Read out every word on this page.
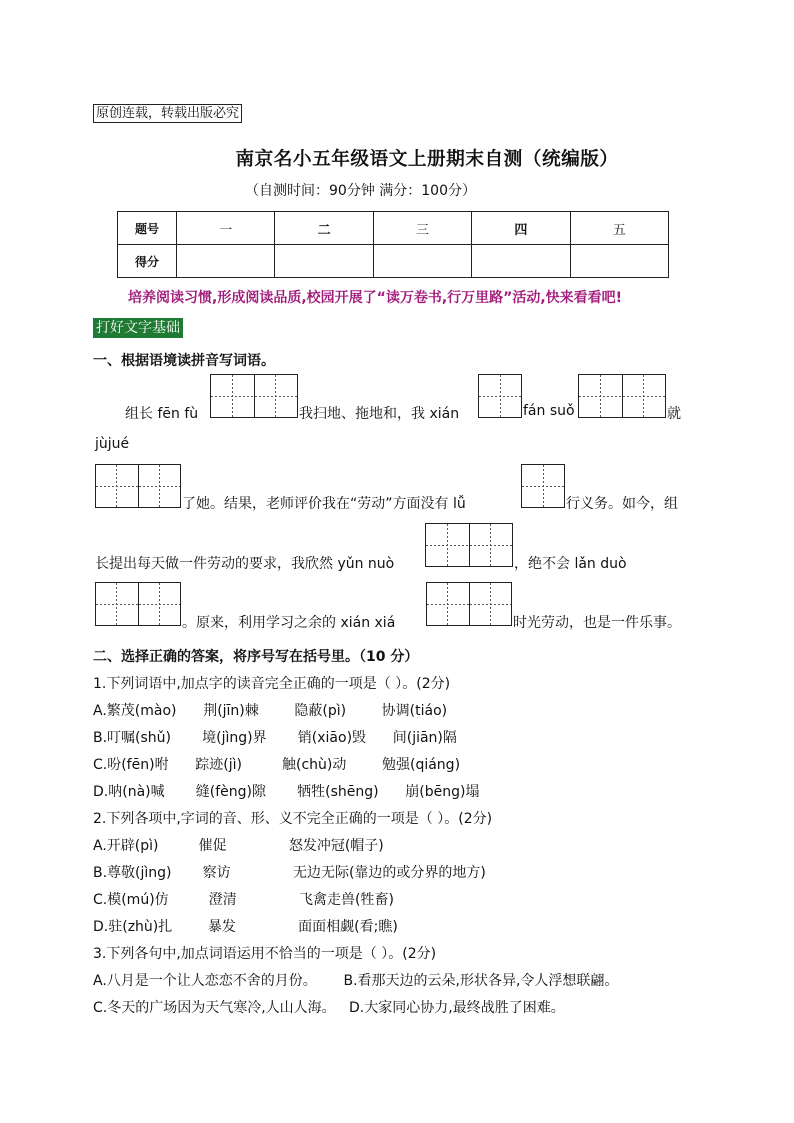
原创连载，转载出版必究
南京名小五年级语文上册期末自测（统编版）
（自测时间：90分钟 满分：100分）
题号	一	二	三	四	五
得分					
培养阅读习惯,形成阅读品质,校园开展了“读万卷书,行万里路”活动,快来看看吧!
打好文字基础
一、根据语境读拼音写词语。
组长 fēn fù	我扫地、拖地和，我 xián	fán suǒ	就
jùjué
了她。结果，老师评价我在“劳动”方面没有 lǚ	行义务。如今，组
长提出每天做一件劳动的要求，我欣然 yǔn nuò	，绝不会 lǎn duò
。原来，利用学习之余的 xián xiá	时光劳动，也是一件乐事。
二、选择正确的答案，将序号写在括号里。（10 分）
1.下列词语中,加点字的读音完全正确的一项是（ ）。(2分)
A.繁茂(mào)      荆(jīn)棘        隐蔽(pì)        协调(tiáo)
B.叮嘱(shǔ)       境(jìng)界       销(xiāo)毁      间(jiān)隔
C.吩(fēn)咐      踪迹(jì)         触(chù)动        勉强(qiáng)
D.呐(nà)喊       缝(fèng)隙       牺牲(shēng)      崩(bēng)塌
2.下列各项中,字词的音、形、义不完全正确的一项是（ ）。(2分)
A.开辟(pì)         催促              怒发冲冠(帽子)
B.尊敬(jìng)       察访              无边无际(靠边的或分界的地方)
C.模(mú)仿         澄清              飞禽走兽(牲畜)
D.驻(zhù)扎        暴发              面面相觑(看;瞧)
3.下列各句中,加点词语运用不恰当的一项是（ ）。(2分)
A.八月是一个让人恋恋不舍的月份。      B.看那天边的云朵,形状各异,令人浮想联翩。
C.冬天的广场因为天气寒冷,人山人海。   D.大家同心协力,最终战胜了困难。
